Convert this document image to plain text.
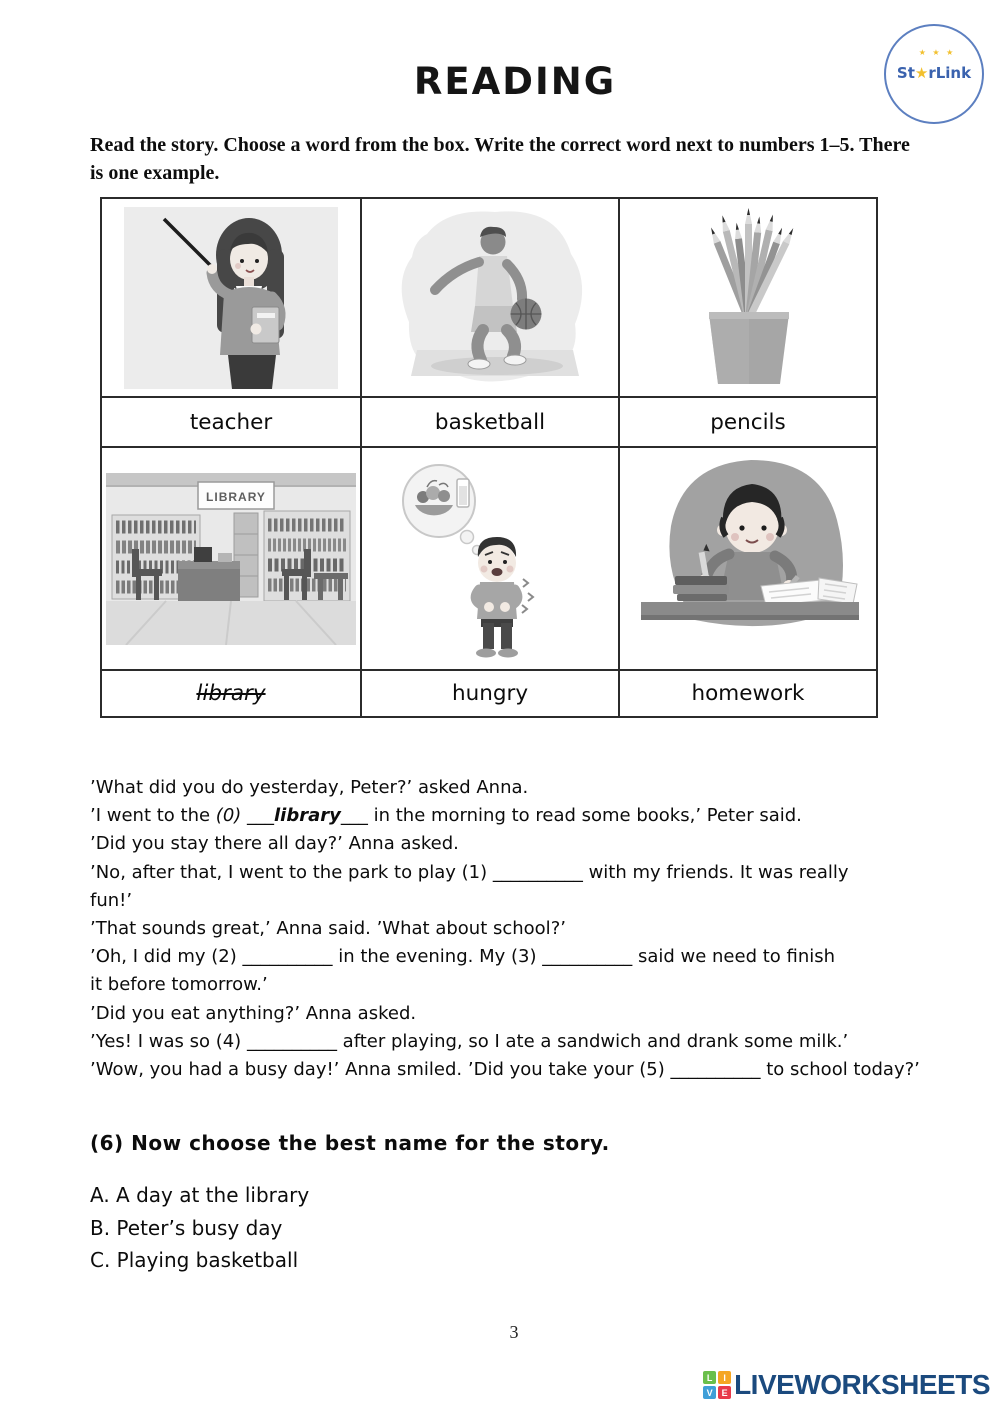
READING
★ ★ ★
St★rLink
Read the story. Choose a word from the box. Write the correct word next to numbers 1–5. There
is one example.
teacher	basketball	pencils
LIBRARY
library	hungry	homework
’What did you do yesterday, Peter?’ asked Anna.
’I went to the (0) ___library___ in the morning to read some books,’ Peter said.
’Did you stay there all day?’ Anna asked.
’No, after that, I went to the park to play (1) __________ with my friends. It was really
fun!’
’That sounds great,’ Anna said. ’What about school?’
’Oh, I did my (2) __________ in the evening. My (3) __________ said we need to finish
it before tomorrow.’
’Did you eat anything?’ Anna asked.
’Yes! I was so (4) __________ after playing, so I ate a sandwich and drank some milk.’
’Wow, you had a busy day!’ Anna smiled. ’Did you take your (5) __________ to school today?’
(6) Now choose the best name for the story.
A. A day at the library
B. Peter’s busy day
C. Playing basketball
3
L	I
V E LIVEWORKSHEETS
